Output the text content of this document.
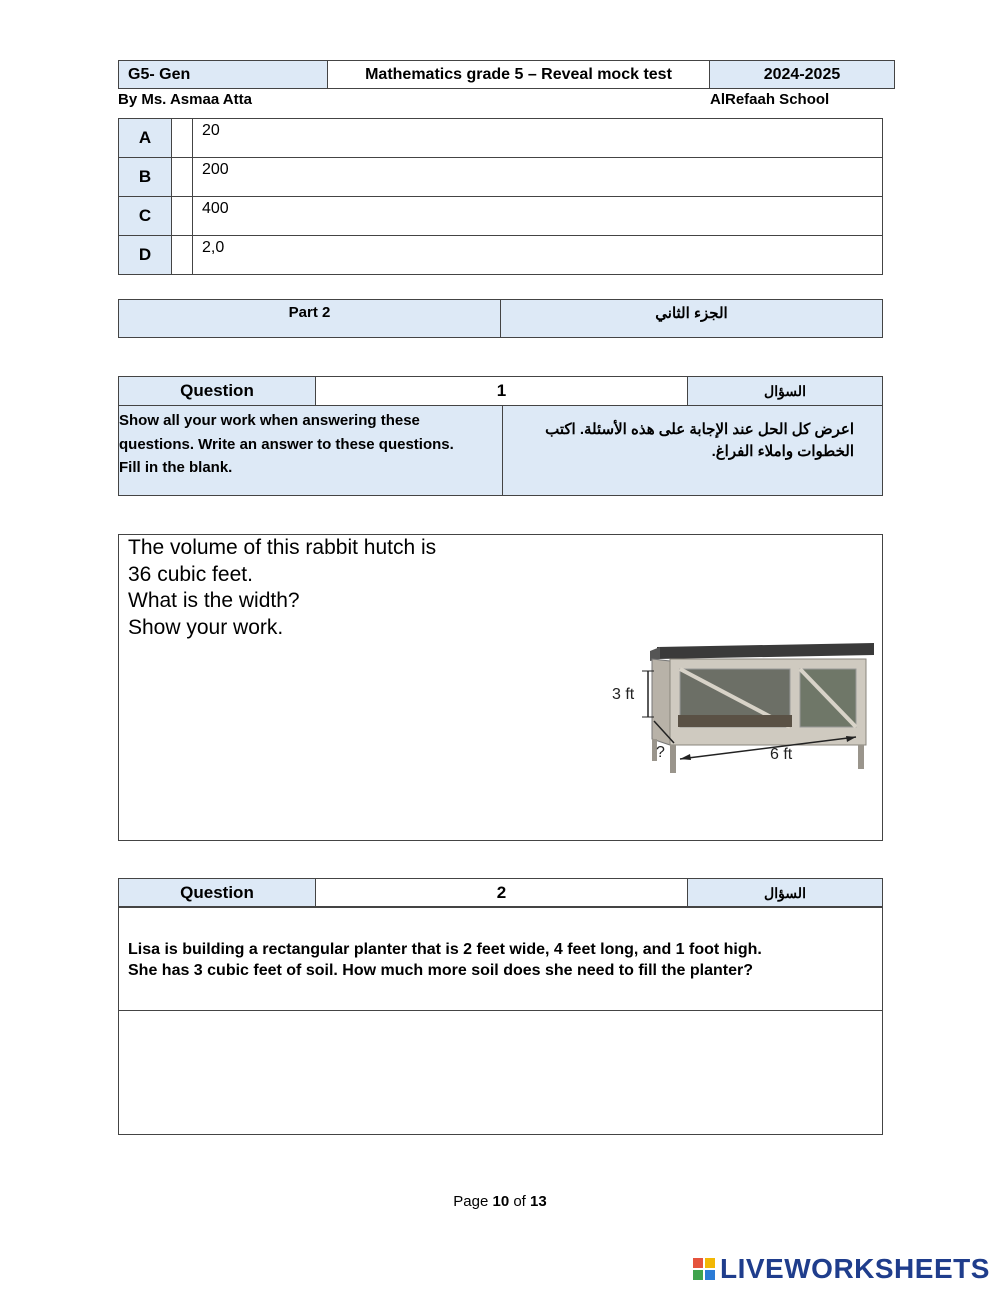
G5- Gen	Mathematics grade 5 – Reveal mock test	2024-2025
By Ms. Asmaa Atta	AlRefaah School
A		20
B		200
C		400
D		2,0
Part 2	الجزء الثاني
Question	1	السؤال
Show all your work when answering these
questions. Write an answer to these questions.
Fill in the blank.
	اعرض كل الحل عند الإجابة على هذه الأسئلة. اكتب الخطوات واملاء الفراغ.
The volume of this rabbit hutch is
36 cubic feet.
What is the width?
Show your work.
3 ft
?	6 ft
Question	2	السؤال
Lisa is building a rectangular planter that is 2 feet wide, 4 feet long, and 1 foot high.
She has 3 cubic feet of soil. How much more soil does she need to fill the planter?
Page 10 of 13
LIVEWORKSHEETS
